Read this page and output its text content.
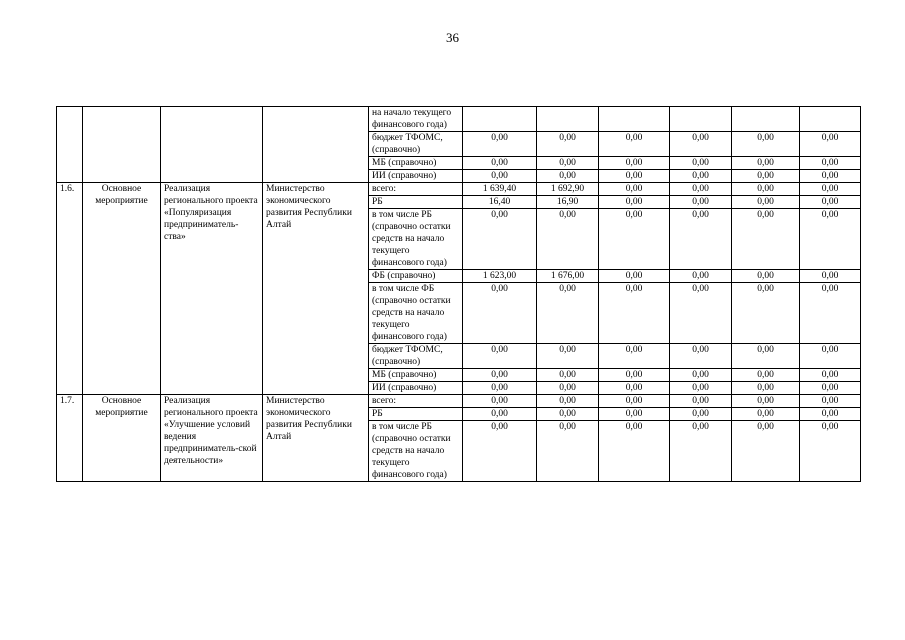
36
				на начало текущего финансового года)						
				бюджет ТФОМС, (справочно)	0,00	0,00	0,00	0,00	0,00	0,00
				МБ (справочно)	0,00	0,00	0,00	0,00	0,00	0,00
				ИИ (справочно)	0,00	0,00	0,00	0,00	0,00	0,00
1.6.	Основное мероприятие	Реализация регионального проекта «Популяризация предприниматель-ства»	Министерство экономического развития Республики Алтай	всего:	1 639,40	1 692,90	0,00	0,00	0,00	0,00
				РБ	16,40	16,90	0,00	0,00	0,00	0,00
				в том числе РБ (справочно остатки средств на начало текущего финансового года)	0,00	0,00	0,00	0,00	0,00	0,00
				ФБ (справочно)	1 623,00	1 676,00	0,00	0,00	0,00	0,00
				в том числе ФБ (справочно остатки средств на начало текущего финансового года)	0,00	0,00	0,00	0,00	0,00	0,00
				бюджет ТФОМС, (справочно)	0,00	0,00	0,00	0,00	0,00	0,00
				МБ (справочно)	0,00	0,00	0,00	0,00	0,00	0,00
				ИИ (справочно)	0,00	0,00	0,00	0,00	0,00	0,00
1.7.	Основное мероприятие	Реализация регионального проекта «Улучшение условий ведения предприниматель-ской деятельности»	Министерство экономического развития Республики Алтай	всего:	0,00	0,00	0,00	0,00	0,00	0,00
				РБ	0,00	0,00	0,00	0,00	0,00	0,00
				в том числе РБ (справочно остатки средств на начало текущего финансового года)	0,00	0,00	0,00	0,00	0,00	0,00
